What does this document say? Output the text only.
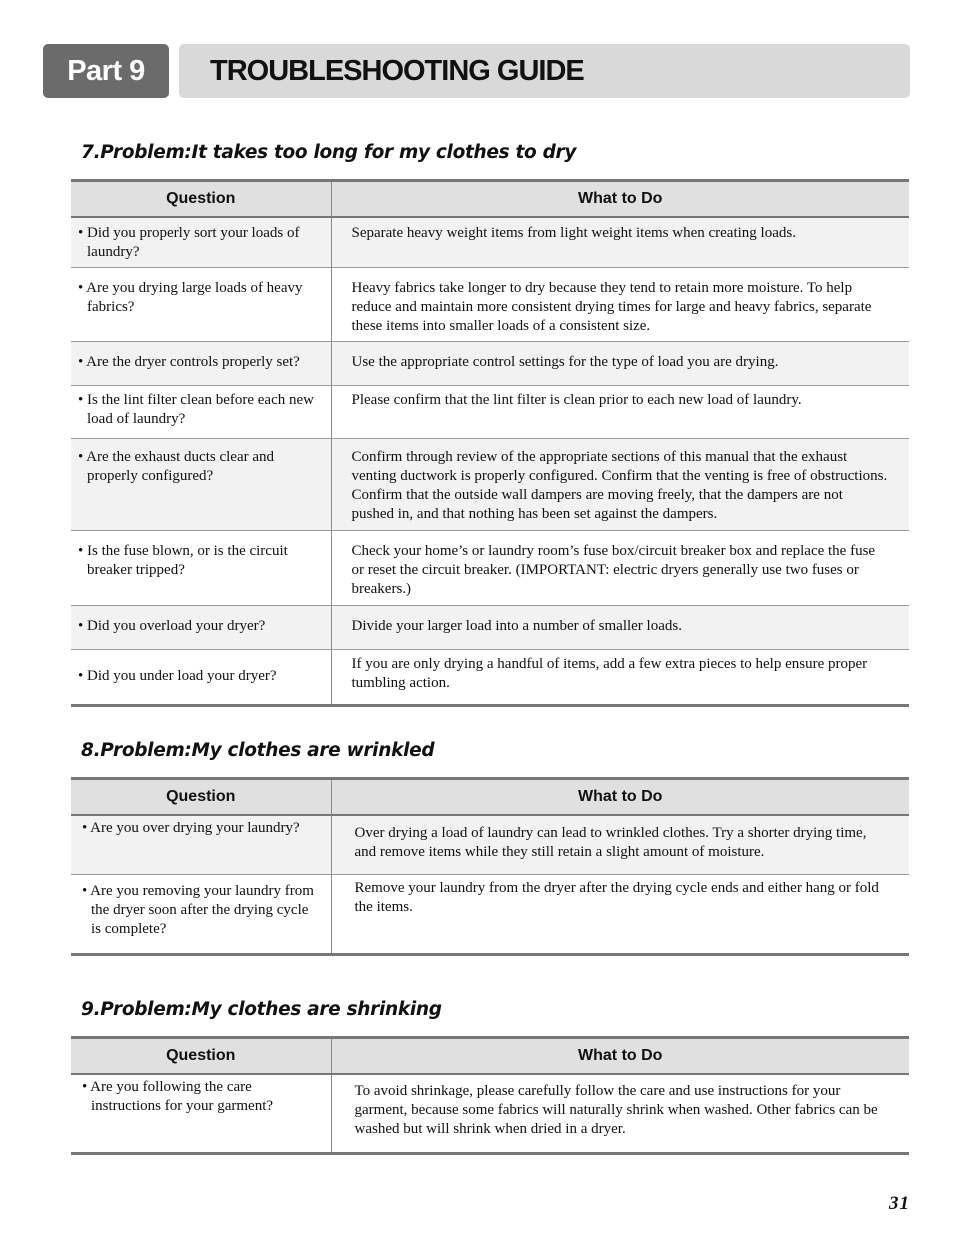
Part 9	TROUBLESHOOTING GUIDE
7.Problem:It takes too long for my clothes to dry
Question	What to Do

• Did you properly sort your loads of laundry?	Separate heavy weight items from light weight items when creating loads.

• Are you drying large loads of heavy fabrics?	Heavy fabrics take longer to dry because they tend to retain more moisture. To help reduce and maintain more consistent drying times for large and heavy fabrics, separate these items into smaller loads of a consistent size.

• Are the dryer controls properly set?	Use the appropriate control settings for the type of load you are drying.

• Is the lint filter clean before each new load of laundry?	Please confirm that the lint filter is clean prior to each new load of laundry.

• Are the exhaust ducts clear and properly configured?	Confirm through review of the appropriate sections of this manual that the exhaust venting ductwork is properly configured. Confirm that the venting is free of obstructions. Confirm that the outside wall dampers are moving freely, that the dampers are not pushed in, and that nothing has been set against the dampers.

• Is the fuse blown, or is the circuit breaker tripped?	Check your home’s or laundry room’s fuse box/circuit breaker box and replace the fuse or reset the circuit breaker. (IMPORTANT: electric dryers generally use two fuses or breakers.)

• Did you overload your dryer?	Divide your larger load into a number of smaller loads.

• Did you under load your dryer?	If you are only drying a handful of items, add a few extra pieces to help ensure proper tumbling action.
8.Problem:My clothes are wrinkled
Question	What to Do

• Are you over drying your laundry?	Over drying a load of laundry can lead to wrinkled clothes. Try a shorter drying time, and remove items while they still retain a slight amount of moisture.

• Are you removing your laundry from the dryer soon after the drying cycle is complete?	Remove your laundry from the dryer after the drying cycle ends and either hang or fold the items.
9.Problem:My clothes are shrinking
Question	What to Do

• Are you following the care instructions for your garment?	To avoid shrinkage, please carefully follow the care and use instructions for your garment, because some fabrics will naturally shrink when washed. Other fabrics can be washed but will shrink when dried in a dryer.
31
